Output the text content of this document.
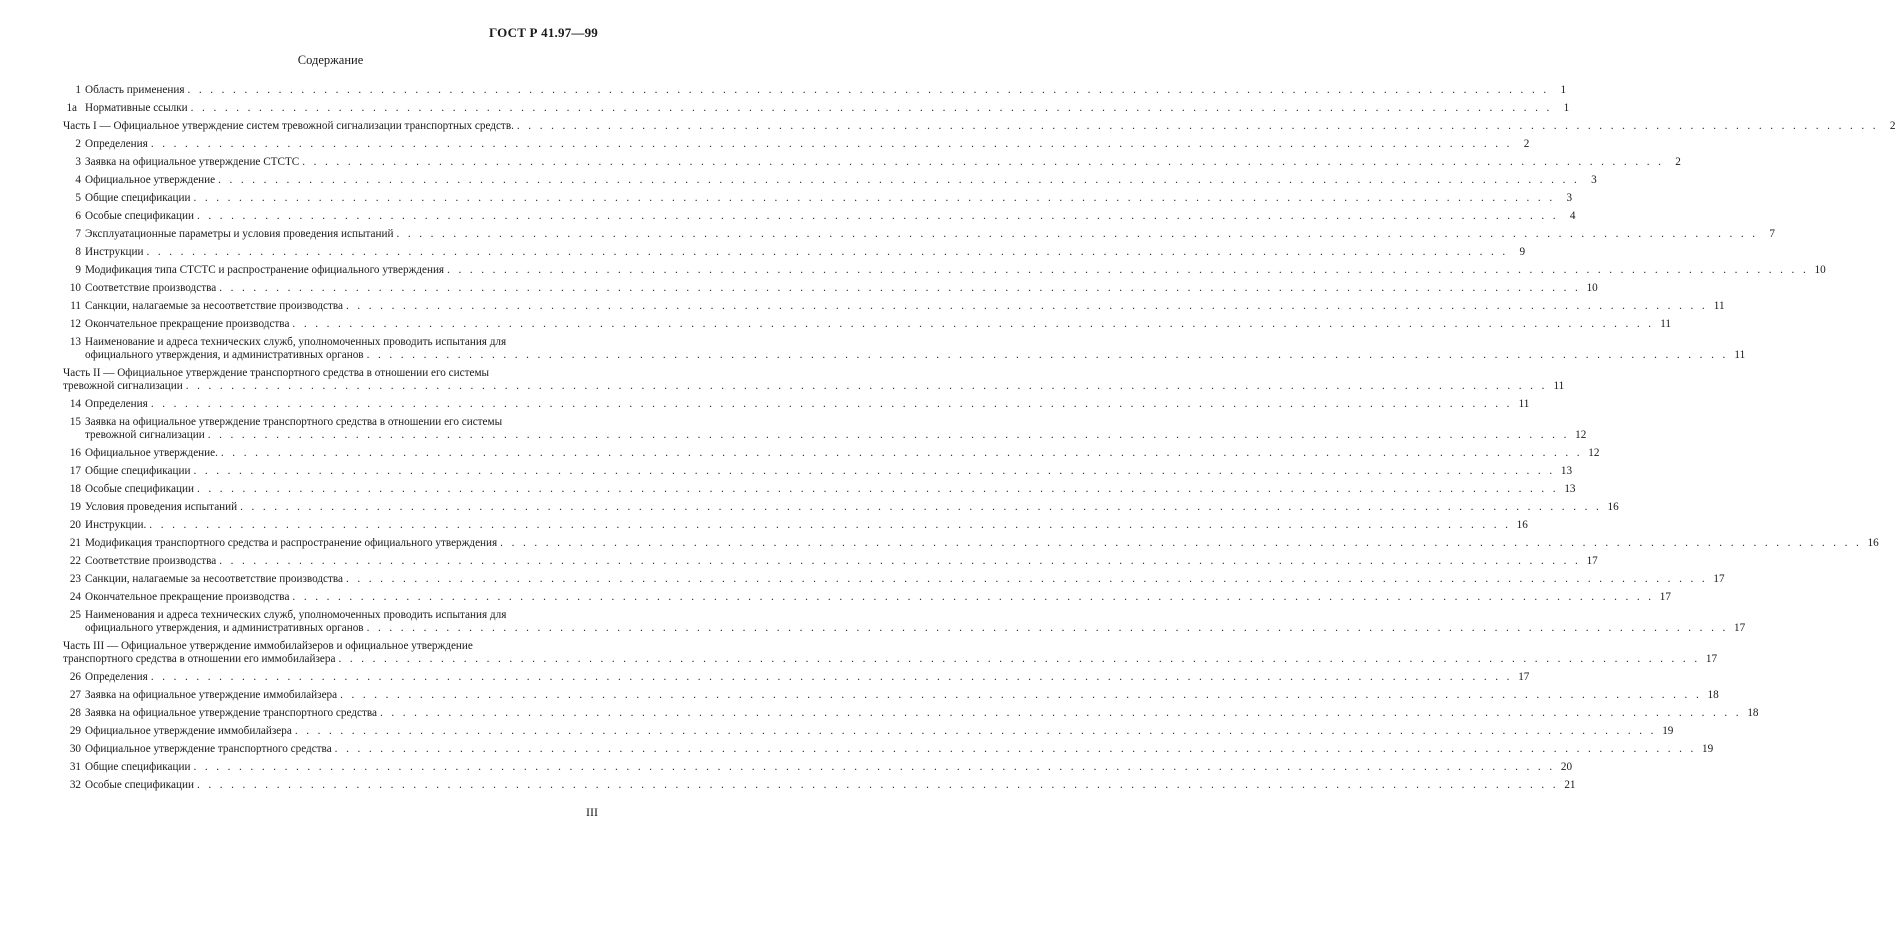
ГОСТ Р 41.97—99
Содержание
1 Область применения . . . . . . . . . . . . . . . . . . . . . . . . . . . . . . . . . . . . . . . . . . . . . . . . . . . . . . . . . . . . . . . . . . . . . . . . . . . . . . . . . . . . . . . . . . . . . . . . . . . . . . . . . . . . . . . . . . . . . . . .	1
1а Нормативные ссылки . . . . . . . . . . . . . . . . . . . . . . . . . . . . . . . . . . . . . . . . . . . . . . . . . . . . . . . . . . . . . . . . . . . . . . . . . . . . . . . . . . . . . . . . . . . . . . . . . . . . . . . . . . . . . . . . . . . . . . . .	1
Часть I — Официальное утверждение систем тревожной сигнализации транспортных средств. . . . . . . . . . . . . . . . . . . . . . . . . . . . . . . . . . . . . . . . . . . . . . . . . . . . . . . . . . . . . . . . . . . . . . . . . . . . . . . . . . . . . . . . . . . . . . . . . . . . . . . . . . . . . . . . . . . . . . . . .	2
2 Определения . . . . . . . . . . . . . . . . . . . . . . . . . . . . . . . . . . . . . . . . . . . . . . . . . . . . . . . . . . . . . . . . . . . . . . . . . . . . . . . . . . . . . . . . . . . . . . . . . . . . . . . . . . . . . . . . . . . . . . . .	2
3 Заявка на официальное утверждение СТСТС . . . . . . . . . . . . . . . . . . . . . . . . . . . . . . . . . . . . . . . . . . . . . . . . . . . . . . . . . . . . . . . . . . . . . . . . . . . . . . . . . . . . . . . . . . . . . . . . . . . . . . . . . . . . . . . . . . . . . . . .	2
4 Официальное утверждение . . . . . . . . . . . . . . . . . . . . . . . . . . . . . . . . . . . . . . . . . . . . . . . . . . . . . . . . . . . . . . . . . . . . . . . . . . . . . . . . . . . . . . . . . . . . . . . . . . . . . . . . . . . . . . . . . . . . . . . .	3
5 Общие спецификации . . . . . . . . . . . . . . . . . . . . . . . . . . . . . . . . . . . . . . . . . . . . . . . . . . . . . . . . . . . . . . . . . . . . . . . . . . . . . . . . . . . . . . . . . . . . . . . . . . . . . . . . . . . . . . . . . . . . . . . .	3
6 Особые спецификации . . . . . . . . . . . . . . . . . . . . . . . . . . . . . . . . . . . . . . . . . . . . . . . . . . . . . . . . . . . . . . . . . . . . . . . . . . . . . . . . . . . . . . . . . . . . . . . . . . . . . . . . . . . . . . . . . . . . . . . .	4
7 Эксплуатационные параметры и условия проведения испытаний . . . . . . . . . . . . . . . . . . . . . . . . . . . . . . . . . . . . . . . . . . . . . . . . . . . . . . . . . . . . . . . . . . . . . . . . . . . . . . . . . . . . . . . . . . . . . . . . . . . . . . . . . . . . . . . . . . . . . . . .	7
8 Инструкции . . . . . . . . . . . . . . . . . . . . . . . . . . . . . . . . . . . . . . . . . . . . . . . . . . . . . . . . . . . . . . . . . . . . . . . . . . . . . . . . . . . . . . . . . . . . . . . . . . . . . . . . . . . . . . . . . . . . . . . .	9
9 Модификация типа СТСТС и распространение официального утверждения . . . . . . . . . . . . . . . . . . . . . . . . . . . . . . . . . . . . . . . . . . . . . . . . . . . . . . . . . . . . . . . . . . . . . . . . . . . . . . . . . . . . . . . . . . . . . . . . . . . . . . . . . . . . . . . . . . . . . . . . 10
10 Соответствие производства . . . . . . . . . . . . . . . . . . . . . . . . . . . . . . . . . . . . . . . . . . . . . . . . . . . . . . . . . . . . . . . . . . . . . . . . . . . . . . . . . . . . . . . . . . . . . . . . . . . . . . . . . . . . . . . . . . . . . . . . 10
11 Санкции, налагаемые за несоответствие производства . . . . . . . . . . . . . . . . . . . . . . . . . . . . . . . . . . . . . . . . . . . . . . . . . . . . . . . . . . . . . . . . . . . . . . . . . . . . . . . . . . . . . . . . . . . . . . . . . . . . . . . . . . . . . . . . . . . . . . . . 11
12 Окончательное прекращение производства . . . . . . . . . . . . . . . . . . . . . . . . . . . . . . . . . . . . . . . . . . . . . . . . . . . . . . . . . . . . . . . . . . . . . . . . . . . . . . . . . . . . . . . . . . . . . . . . . . . . . . . . . . . . . . . . . . . . . . . . 11
13 Наименование и адреса технических служб, уполномоченных проводить испытания для
официального утверждения, и административных органов . . . . . . . . . . . . . . . . . . . . . . . . . . . . . . . . . . . . . . . . . . . . . . . . . . . . . . . . . . . . . . . . . . . . . . . . . . . . . . . . . . . . . . . . . . . . . . . . . . . . . . . . . . . . . . . . . . . . . . . . 11
Часть II — Официальное утверждение транспортного средства в отношении его системы
тревожной сигнализации . . . . . . . . . . . . . . . . . . . . . . . . . . . . . . . . . . . . . . . . . . . . . . . . . . . . . . . . . . . . . . . . . . . . . . . . . . . . . . . . . . . . . . . . . . . . . . . . . . . . . . . . . . . . . . . . . . . . . . . . 11
14 Определения . . . . . . . . . . . . . . . . . . . . . . . . . . . . . . . . . . . . . . . . . . . . . . . . . . . . . . . . . . . . . . . . . . . . . . . . . . . . . . . . . . . . . . . . . . . . . . . . . . . . . . . . . . . . . . . . . . . . . . . . 11
15 Заявка на официальное утверждение транспортного средства в отношении его системы
тревожной сигнализации . . . . . . . . . . . . . . . . . . . . . . . . . . . . . . . . . . . . . . . . . . . . . . . . . . . . . . . . . . . . . . . . . . . . . . . . . . . . . . . . . . . . . . . . . . . . . . . . . . . . . . . . . . . . . . . . . . . . . . . . 12
16 Официальное утверждение. . . . . . . . . . . . . . . . . . . . . . . . . . . . . . . . . . . . . . . . . . . . . . . . . . . . . . . . . . . . . . . . . . . . . . . . . . . . . . . . . . . . . . . . . . . . . . . . . . . . . . . . . . . . . . . . . . . . . . . . . 12
17 Общие спецификации . . . . . . . . . . . . . . . . . . . . . . . . . . . . . . . . . . . . . . . . . . . . . . . . . . . . . . . . . . . . . . . . . . . . . . . . . . . . . . . . . . . . . . . . . . . . . . . . . . . . . . . . . . . . . . . . . . . . . . . . 13
18 Особые спецификации . . . . . . . . . . . . . . . . . . . . . . . . . . . . . . . . . . . . . . . . . . . . . . . . . . . . . . . . . . . . . . . . . . . . . . . . . . . . . . . . . . . . . . . . . . . . . . . . . . . . . . . . . . . . . . . . . . . . . . . . 13
19 Условия проведения испытаний . . . . . . . . . . . . . . . . . . . . . . . . . . . . . . . . . . . . . . . . . . . . . . . . . . . . . . . . . . . . . . . . . . . . . . . . . . . . . . . . . . . . . . . . . . . . . . . . . . . . . . . . . . . . . . . . . . . . . . . . 16
20 Инструкции. . . . . . . . . . . . . . . . . . . . . . . . . . . . . . . . . . . . . . . . . . . . . . . . . . . . . . . . . . . . . . . . . . . . . . . . . . . . . . . . . . . . . . . . . . . . . . . . . . . . . . . . . . . . . . . . . . . . . . . . . 16
21 Модификация транспортного средства и распространение официального утверждения . . . . . . . . . . . . . . . . . . . . . . . . . . . . . . . . . . . . . . . . . . . . . . . . . . . . . . . . . . . . . . . . . . . . . . . . . . . . . . . . . . . . . . . . . . . . . . . . . . . . . . . . . . . . . . . . . . . . . . . . 16
22 Соответствие производства . . . . . . . . . . . . . . . . . . . . . . . . . . . . . . . . . . . . . . . . . . . . . . . . . . . . . . . . . . . . . . . . . . . . . . . . . . . . . . . . . . . . . . . . . . . . . . . . . . . . . . . . . . . . . . . . . . . . . . . . 17
23 Санкции, налагаемые за несоответствие производства . . . . . . . . . . . . . . . . . . . . . . . . . . . . . . . . . . . . . . . . . . . . . . . . . . . . . . . . . . . . . . . . . . . . . . . . . . . . . . . . . . . . . . . . . . . . . . . . . . . . . . . . . . . . . . . . . . . . . . . . 17
24 Окончательное прекращение производства . . . . . . . . . . . . . . . . . . . . . . . . . . . . . . . . . . . . . . . . . . . . . . . . . . . . . . . . . . . . . . . . . . . . . . . . . . . . . . . . . . . . . . . . . . . . . . . . . . . . . . . . . . . . . . . . . . . . . . . . 17
25 Наименования и адреса технических служб, уполномоченных проводить испытания для
официального утверждения, и административных органов . . . . . . . . . . . . . . . . . . . . . . . . . . . . . . . . . . . . . . . . . . . . . . . . . . . . . . . . . . . . . . . . . . . . . . . . . . . . . . . . . . . . . . . . . . . . . . . . . . . . . . . . . . . . . . . . . . . . . . . . 17
Часть III — Официальное утверждение иммобилайзеров и официальное утверждение
транспортного средства в отношении его иммобилайзера . . . . . . . . . . . . . . . . . . . . . . . . . . . . . . . . . . . . . . . . . . . . . . . . . . . . . . . . . . . . . . . . . . . . . . . . . . . . . . . . . . . . . . . . . . . . . . . . . . . . . . . . . . . . . . . . . . . . . . . . 17
26 Определения . . . . . . . . . . . . . . . . . . . . . . . . . . . . . . . . . . . . . . . . . . . . . . . . . . . . . . . . . . . . . . . . . . . . . . . . . . . . . . . . . . . . . . . . . . . . . . . . . . . . . . . . . . . . . . . . . . . . . . . . 17
27 Заявка на официальное утверждение иммобилайзера . . . . . . . . . . . . . . . . . . . . . . . . . . . . . . . . . . . . . . . . . . . . . . . . . . . . . . . . . . . . . . . . . . . . . . . . . . . . . . . . . . . . . . . . . . . . . . . . . . . . . . . . . . . . . . . . . . . . . . . . 18
28 Заявка на официальное утверждение транспортного средства . . . . . . . . . . . . . . . . . . . . . . . . . . . . . . . . . . . . . . . . . . . . . . . . . . . . . . . . . . . . . . . . . . . . . . . . . . . . . . . . . . . . . . . . . . . . . . . . . . . . . . . . . . . . . . . . . . . . . . . . 18
29 Официальное утверждение иммобилайзера . . . . . . . . . . . . . . . . . . . . . . . . . . . . . . . . . . . . . . . . . . . . . . . . . . . . . . . . . . . . . . . . . . . . . . . . . . . . . . . . . . . . . . . . . . . . . . . . . . . . . . . . . . . . . . . . . . . . . . . . 19
30 Официальное утверждение транспортного средства . . . . . . . . . . . . . . . . . . . . . . . . . . . . . . . . . . . . . . . . . . . . . . . . . . . . . . . . . . . . . . . . . . . . . . . . . . . . . . . . . . . . . . . . . . . . . . . . . . . . . . . . . . . . . . . . . . . . . . . . 19
31 Общие спецификации . . . . . . . . . . . . . . . . . . . . . . . . . . . . . . . . . . . . . . . . . . . . . . . . . . . . . . . . . . . . . . . . . . . . . . . . . . . . . . . . . . . . . . . . . . . . . . . . . . . . . . . . . . . . . . . . . . . . . . . . 20
32 Особые спецификации . . . . . . . . . . . . . . . . . . . . . . . . . . . . . . . . . . . . . . . . . . . . . . . . . . . . . . . . . . . . . . . . . . . . . . . . . . . . . . . . . . . . . . . . . . . . . . . . . . . . . . . . . . . . . . . . . . . . . . . . 21
III
